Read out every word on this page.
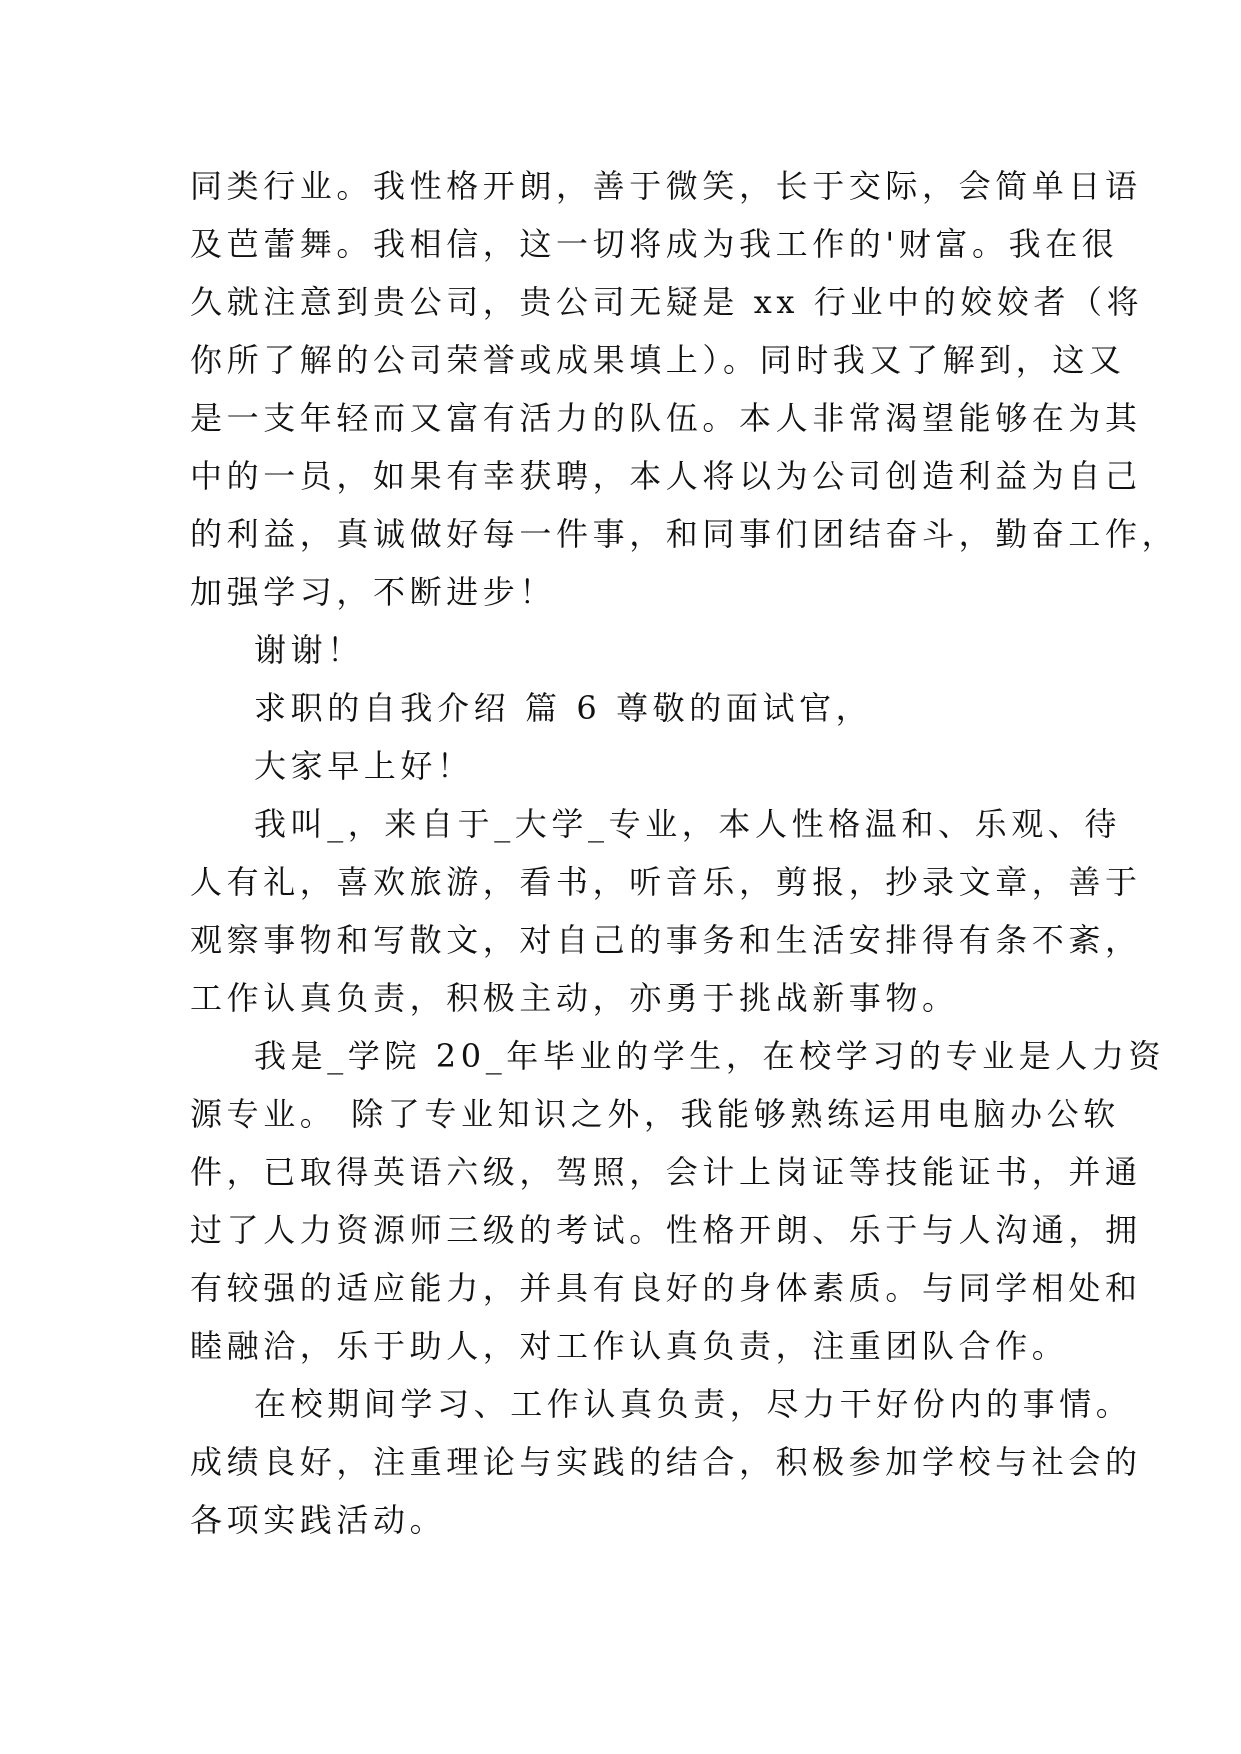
同类行业。我性格开朗，善于微笑，长于交际，会简单日语
及芭蕾舞。我相信，这一切将成为我工作的'财富。我在很
久就注意到贵公司，贵公司无疑是 xx 行业中的姣姣者（将
你所了解的公司荣誉或成果填上）。同时我又了解到，这又
是一支年轻而又富有活力的队伍。本人非常渴望能够在为其
中的一员，如果有幸获聘，本人将以为公司创造利益为自己
的利益，真诚做好每一件事，和同事们团结奋斗，勤奋工作，
加强学习，不断进步！
谢谢！
求职的自我介绍 篇 6 尊敬的面试官，
大家早上好！
我叫_，来自于_大学_专业，本人性格温和、乐观、待
人有礼，喜欢旅游，看书，听音乐，剪报，抄录文章，善于
观察事物和写散文，对自己的事务和生活安排得有条不紊，
工作认真负责，积极主动，亦勇于挑战新事物。
我是_学院 20_年毕业的学生，在校学习的专业是人力资
源专业。 除了专业知识之外，我能够熟练运用电脑办公软
件，已取得英语六级，驾照，会计上岗证等技能证书，并通
过了人力资源师三级的考试。性格开朗、乐于与人沟通，拥
有较强的适应能力，并具有良好的身体素质。与同学相处和
睦融洽，乐于助人，对工作认真负责，注重团队合作。
在校期间学习、工作认真负责，尽力干好份内的事情。
成绩良好，注重理论与实践的结合，积极参加学校与社会的
各项实践活动。
